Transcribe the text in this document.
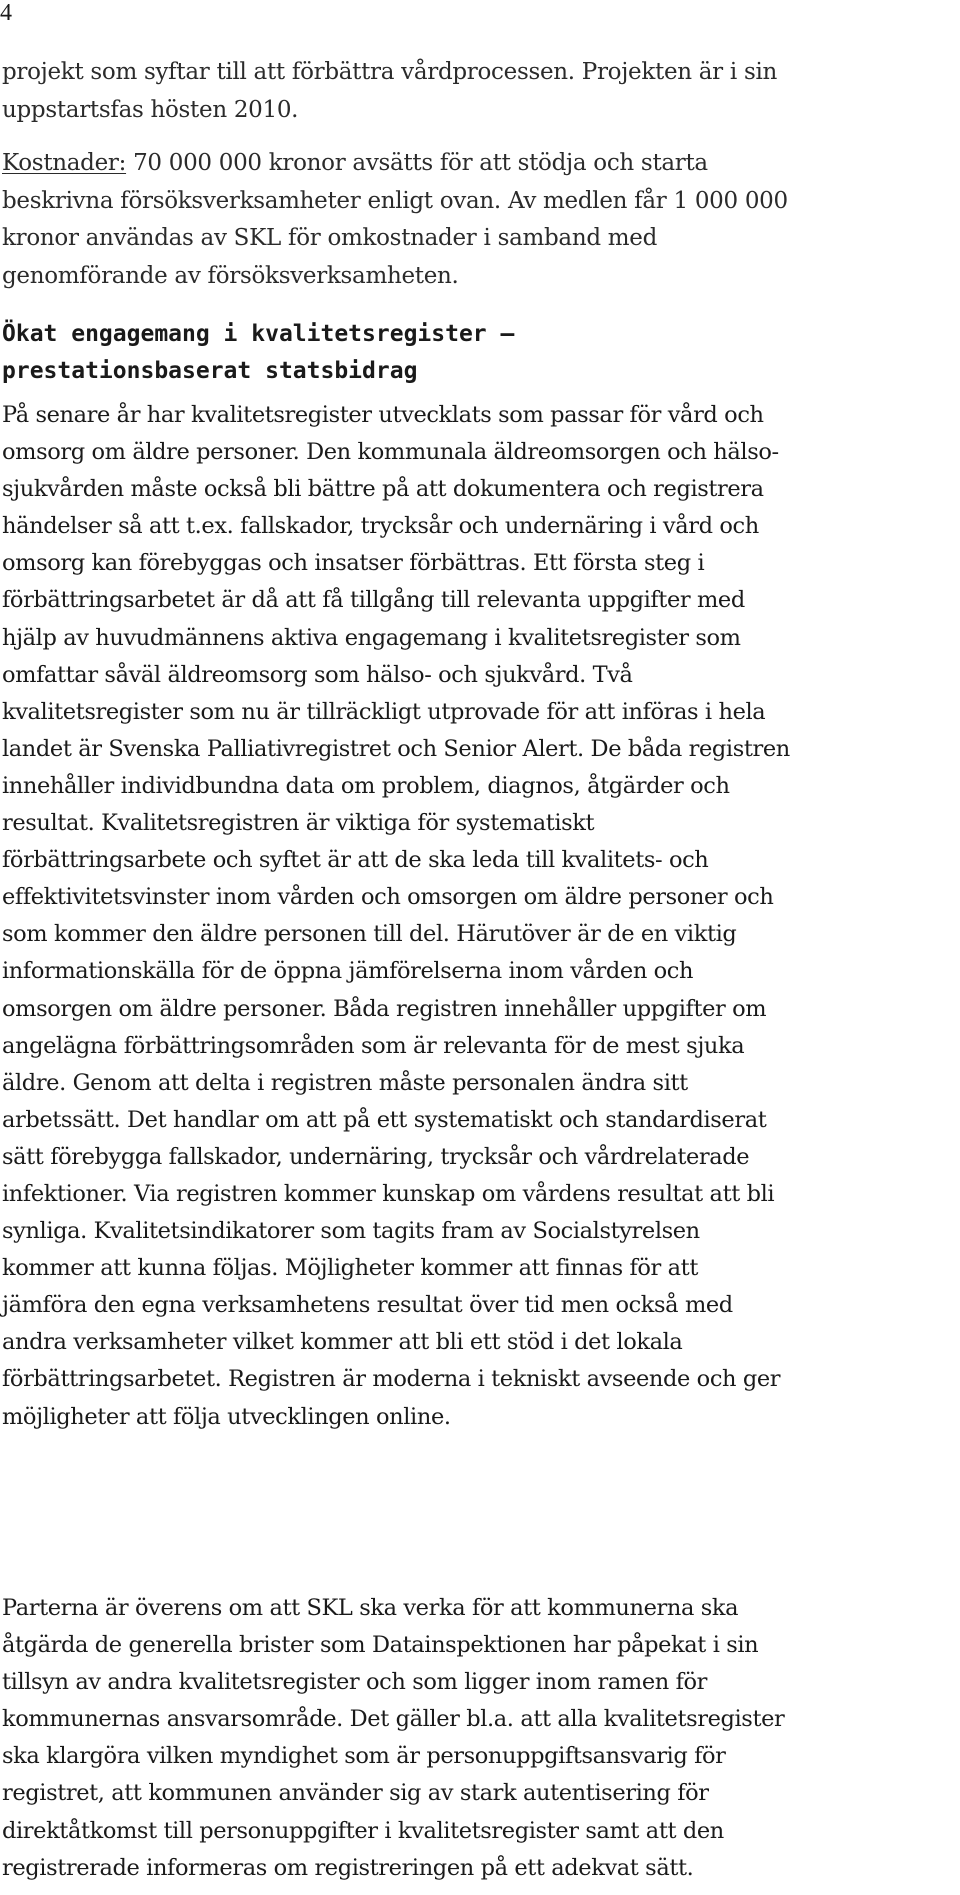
4

projekt som syftar till att förbättra vårdprocessen. Projekten är i sin
uppstartsfas hösten 2010.

Kostnader: 70 000 000 kronor avsätts för att stödja och starta
beskrivna försöksverksamheter enligt ovan. Av medlen får 1 000 000
kronor användas av SKL för omkostnader i samband med
genomförande av försöksverksamheten.

Ökat engagemang i kvalitetsregister –
prestationsbaserat statsbidrag

På senare år har kvalitetsregister utvecklats som passar för vård och
omsorg om äldre personer. Den kommunala äldreomsorgen och hälso-
sjukvården måste också bli bättre på att dokumentera och registrera
händelser så att t.ex. fallskador, trycksår och undernäring i vård och
omsorg kan förebyggas och insatser förbättras. Ett första steg i
förbättringsarbetet är då att få tillgång till relevanta uppgifter med
hjälp av huvudmännens aktiva engagemang i kvalitetsregister som
omfattar såväl äldreomsorg som hälso- och sjukvård. Två
kvalitetsregister som nu är tillräckligt utprovade för att införas i hela
landet är Svenska Palliativregistret och Senior Alert. De båda registren
innehåller individbundna data om problem, diagnos, åtgärder och
resultat. Kvalitetsregistren är viktiga för systematiskt
förbättringsarbete och syftet är att de ska leda till kvalitets- och
effektivitetsvinster inom vården och omsorgen om äldre personer och
som kommer den äldre personen till del. Härutöver är de en viktig
informationskälla för de öppna jämförelserna inom vården och
omsorgen om äldre personer. Båda registren innehåller uppgifter om
angelägna förbättringsområden som är relevanta för de mest sjuka
äldre. Genom att delta i registren måste personalen ändra sitt
arbetssätt. Det handlar om att på ett systematiskt och standardiserat
sätt förebygga fallskador, undernäring, trycksår och vårdrelaterade
infektioner. Via registren kommer kunskap om vårdens resultat att bli
synliga. Kvalitetsindikatorer som tagits fram av Socialstyrelsen
kommer att kunna följas. Möjligheter kommer att finnas för att
jämföra den egna verksamhetens resultat över tid men också med
andra verksamheter vilket kommer att bli ett stöd i det lokala
förbättringsarbetet. Registren är moderna i tekniskt avseende och ger
möjligheter att följa utvecklingen online.

Parterna är överens om att SKL ska verka för att kommunerna ska
åtgärda de generella brister som Datainspektionen har påpekat i sin
tillsyn av andra kvalitetsregister och som ligger inom ramen för
kommunernas ansvarsområde. Det gäller bl.a. att alla kvalitetsregister
ska klargöra vilken myndighet som är personuppgiftsansvarig för
registret, att kommunen använder sig av stark autentisering för
direktåtkomst till personuppgifter i kvalitetsregister samt att den
registrerade informeras om registreringen på ett adekvat sätt.
